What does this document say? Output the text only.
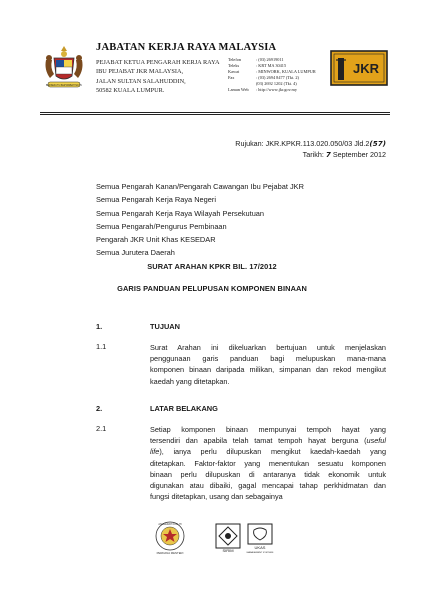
BERSEKUTU BERTAMBAH MUTU
JABATAN KERJA RAYA MALAYSIA
PEJABAT KETUA PENGARAH KERJA RAYA
IBU PEJABAT JKR MALAYSIA,
JALAN SULTAN SALAHUDDIN,
50582 KUALA LUMPUR.
Telefon	: (03) 26919011
Teleks	: KRT MA 30415
Kawat	: MINWORK, KUALA LUMPUR
Fax	: (03) 2694 8477 (Tkt. 2)
(03) 2692 1202 (Tkt. 4)
Laman Web	: http://www.jkr.gov.my
JKR
Rujukan: JKR.KPKR.113.020.050/03 Jld.2(57)
Tarikh: 7 September 2012
Semua Pengarah Kanan/Pengarah Cawangan Ibu Pejabat JKR
Semua Pengarah Kerja Raya Negeri
Semua Pengarah Kerja Raya Wilayah Persekutuan
Semua Pengarah/Pengurus Pembinaan
Pengarah JKR Unit Khas KESEDAR
Semua Jurutera Daerah
SURAT ARAHAN KPKR BIL. 17/2012
GARIS PANDUAN PELUPUSAN KOMPONEN BINAAN
1.	TUJUAN
1.1	Surat Arahan ini dikeluarkan bertujuan untuk menjelaskan
penggunaan garis panduan bagi melupuskan mana-mana
komponen binaan daripada milikan, simpanan dan rekod mengikut
kaedah yang ditetapkan.
2.	LATAR BELAKANG
2.1	Setiap komponen binaan mempunyai tempoh hayat yang
tersendiri dan apabila telah tamat tempoh hayat berguna (useful
life), ianya perlu dilupuskan mengikut kaedah-kaedah yang
ditetapkan. Faktor-faktor yang menentukan sesuatu komponen
binaan perlu dilupuskan di antaranya tidak ekonomik untuk
digunakan atau dibaiki, gagal mencapai tahap perkhidmatan dan
fungsi ditetapkan, usang dan sebagainya
ANUGERAH KUALITI
PERDANA MENTERI	SIRIM
UKAS
MANAGEMENT SYSTEMS
